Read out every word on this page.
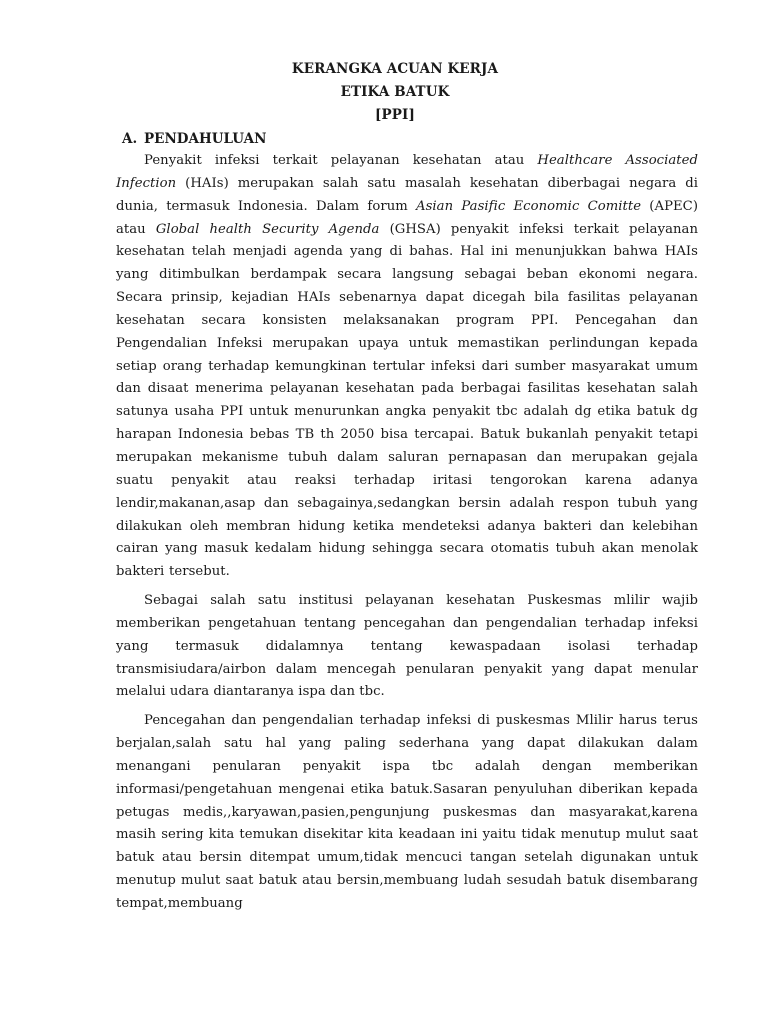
KERANGKA ACUAN KERJA
ETIKA BATUK
[PPI]
A. PENDAHULUAN

Penyakit infeksi terkait pelayanan kesehatan atau Healthcare Associated Infection (HAIs) merupakan salah satu masalah kesehatan diberbagai negara di dunia, termasuk Indonesia. Dalam forum Asian Pasific Economic Comitte (APEC) atau Global health Security Agenda (GHSA) penyakit infeksi terkait pelayanan kesehatan telah menjadi agenda yang di bahas. Hal ini menunjukkan bahwa HAIs yang ditimbulkan berdampak secara langsung sebagai beban ekonomi negara. Secara prinsip, kejadian HAIs sebenarnya dapat dicegah bila fasilitas pelayanan kesehatan secara konsisten melaksanakan program PPI. Pencegahan dan Pengendalian Infeksi merupakan upaya untuk memastikan perlindungan kepada setiap orang terhadap kemungkinan tertular infeksi dari sumber masyarakat umum dan disaat menerima pelayanan kesehatan pada berbagai fasilitas kesehatan salah satunya usaha PPI untuk menurunkan angka penyakit tbc adalah dg etika batuk dg harapan Indonesia bebas TB th 2050 bisa tercapai. Batuk bukanlah penyakit tetapi merupakan mekanisme tubuh dalam saluran pernapasan dan merupakan gejala suatu penyakit atau reaksi terhadap iritasi tengorokan karena adanya lendir,makanan,asap dan sebagainya,sedangkan bersin adalah respon tubuh yang dilakukan oleh membran hidung ketika mendeteksi adanya bakteri dan kelebihan cairan yang masuk kedalam hidung sehingga secara otomatis tubuh akan menolak bakteri tersebut.

Sebagai salah satu institusi pelayanan kesehatan Puskesmas mlilir wajib memberikan pengetahuan tentang pencegahan dan pengendalian terhadap infeksi yang termasuk didalamnya tentang kewaspadaan isolasi terhadap transmisiudara/airbon dalam mencegah penularan penyakit yang dapat menular melalui udara diantaranya ispa dan tbc.

Pencegahan dan pengendalian terhadap infeksi di puskesmas Mlilir harus terus berjalan,salah satu hal yang paling sederhana yang dapat dilakukan dalam menangani penularan penyakit ispa tbc adalah dengan memberikan informasi/pengetahuan mengenai etika batuk.Sasaran penyuluhan diberikan kepada petugas medis,,karyawan,pasien,pengunjung puskesmas dan masyarakat,karena masih sering kita temukan disekitar kita keadaan ini yaitu tidak menutup mulut saat batuk atau bersin ditempat umum,tidak mencuci tangan setelah digunakan untuk menutup mulut saat batuk atau bersin,membuang ludah sesudah batuk disembarang tempat,membuang
